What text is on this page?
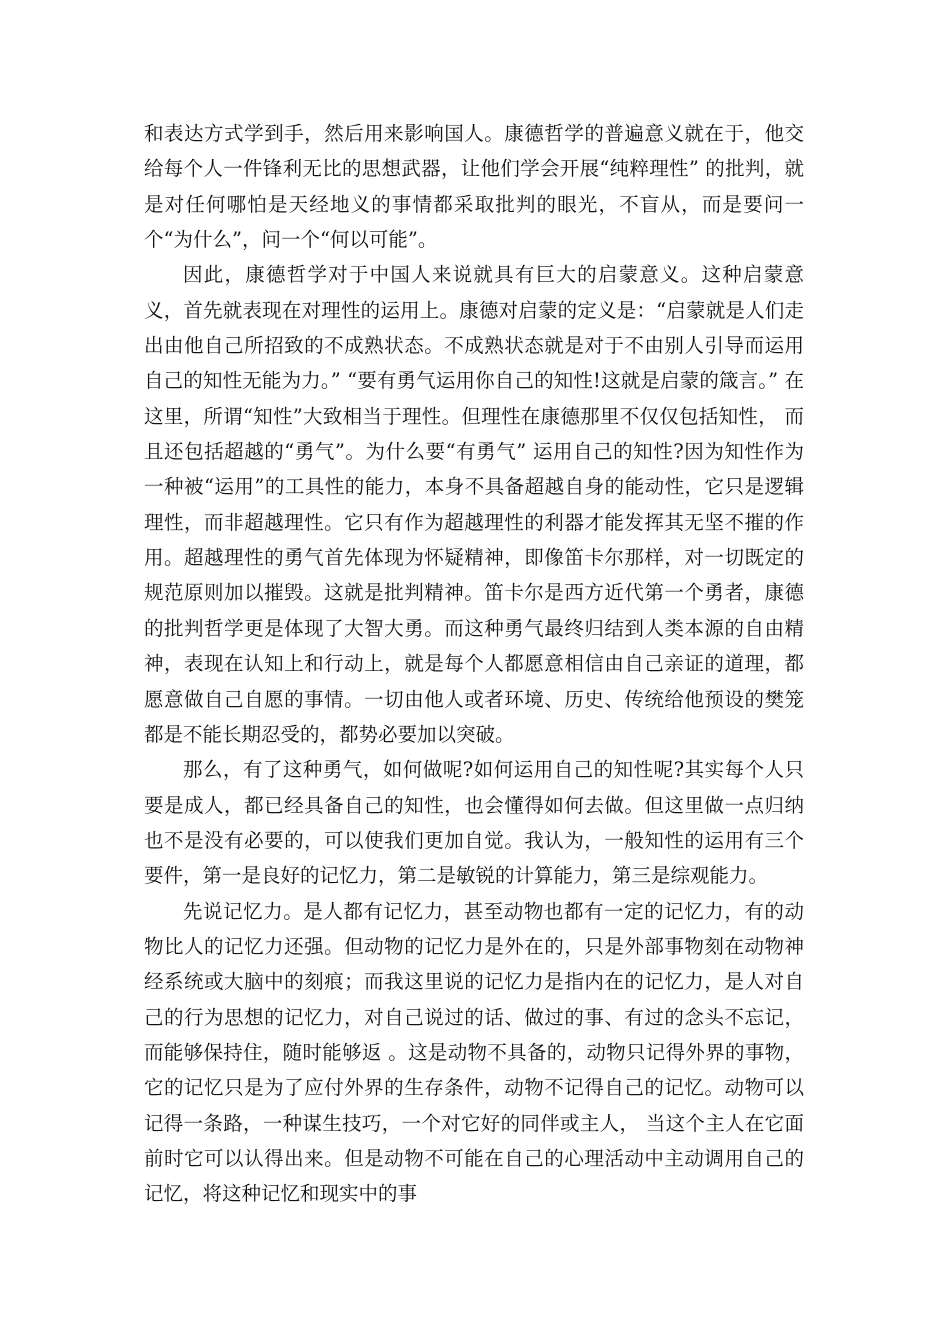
和表达方式学到手，然后用来影响国人。康德哲学的普遍意义就在于，他交给每个人一件锋利无比的思想武器，让他们学会开展“纯粹理性” 的批判，就是对任何哪怕是天经地义的事情都采取批判的眼光，不盲从，而是要问一个“为什么”，问一个“何以可能”。

因此，康德哲学对于中国人来说就具有巨大的启蒙意义。这种启蒙意义，首先就表现在对理性的运用上。康德对启蒙的定义是：“启蒙就是人们走出由他自己所招致的不成熟状态。不成熟状态就是对于不由别人引导而运用自己的知性无能为力。” “要有勇气运用你自己的知性!这就是启蒙的箴言。” 在这里，所谓“知性”大致相当于理性。但理性在康德那里不仅仅包括知性， 而且还包括超越的“勇气”。为什么要“有勇气” 运用自己的知性?因为知性作为一种被“运用”的工具性的能力，本身不具备超越自身的能动性，它只是逻辑理性，而非超越理性。它只有作为超越理性的利器才能发挥其无坚不摧的作用。超越理性的勇气首先体现为怀疑精神，即像笛卡尔那样，对一切既定的规范原则加以摧毁。这就是批判精神。笛卡尔是西方近代第一个勇者，康德的批判哲学更是体现了大智大勇。而这种勇气最终归结到人类本源的自由精神，表现在认知上和行动上，就是每个人都愿意相信由自己亲证的道理，都愿意做自己自愿的事情。一切由他人或者环境、历史、传统给他预设的樊笼都是不能长期忍受的，都势必要加以突破。

那么，有了这种勇气，如何做呢?如何运用自己的知性呢?其实每个人只要是成人，都已经具备自己的知性，也会懂得如何去做。但这里做一点归纳也不是没有必要的，可以使我们更加自觉。我认为，一般知性的运用有三个要件，第一是良好的记忆力，第二是敏锐的计算能力，第三是综观能力。

先说记忆力。是人都有记忆力，甚至动物也都有一定的记忆力，有的动物比人的记忆力还强。但动物的记忆力是外在的，只是外部事物刻在动物神经系统或大脑中的刻痕；而我这里说的记忆力是指内在的记忆力，是人对自己的行为思想的记忆力，对自己说过的话、做过的事、有过的念头不忘记，而能够保持住，随时能够返 。这是动物不具备的，动物只记得外界的事物，它的记忆只是为了应付外界的生存条件，动物不记得自己的记忆。动物可以记得一条路，一种谋生技巧，一个对它好的同伴或主人， 当这个主人在它面前时它可以认得出来。但是动物不可能在自己的心理活动中主动调用自己的记忆，将这种记忆和现实中的事
